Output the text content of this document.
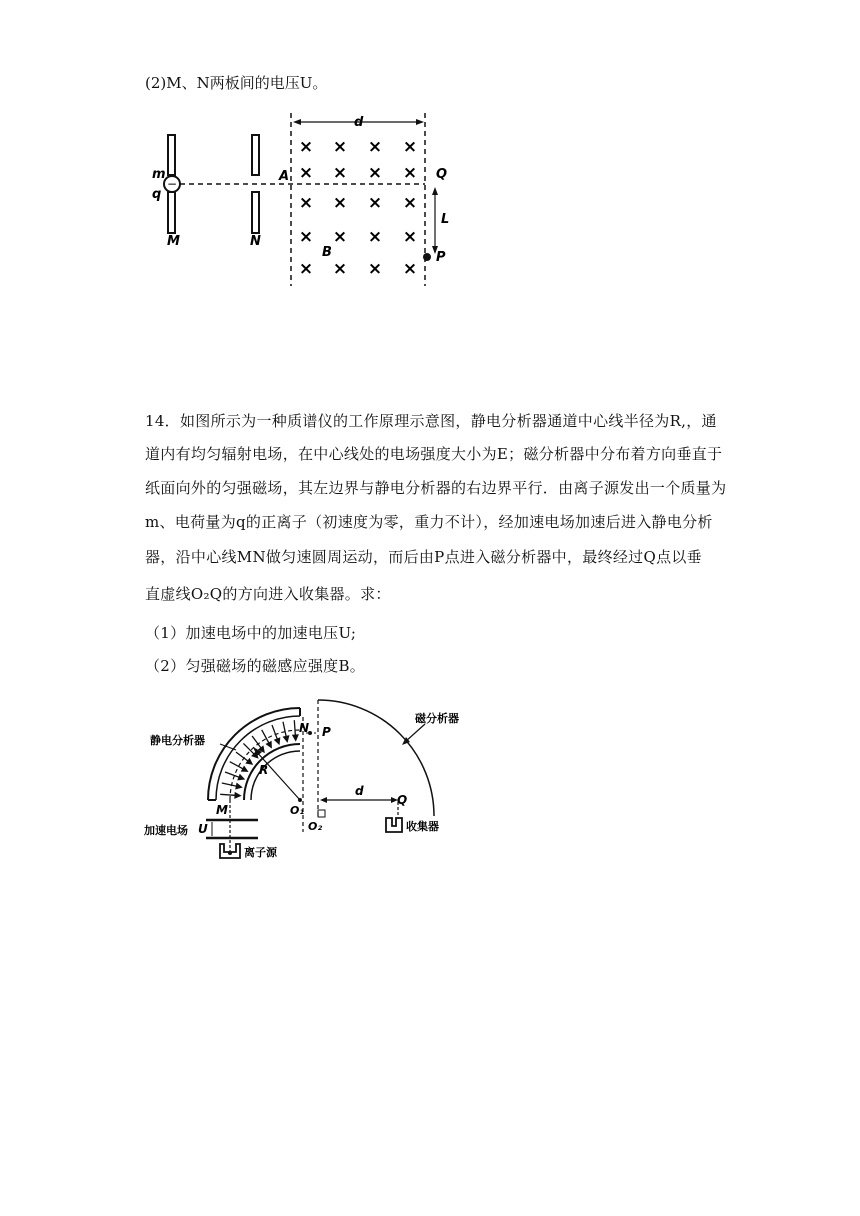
(2)M、N两板间的电压U。
−
× × × ×
× × × ×
× × × ×
× × × ×
× × × ×
m
q
M	N
A	Q
d
L
B	P
14．如图所示为一种质谱仪的工作原理示意图，静电分析器通道中心线半径为R,，通
道内有均匀辐射电场，在中心线处的电场强度大小为E；磁分析器中分布着方向垂直于
纸面向外的匀强磁场，其左边界与静电分析器的右边界平行．由离子源发出一个质量为
m、电荷量为q的正离子（初速度为零，重力不计），经加速电场加速后进入静电分析
器，沿中心线MN做匀速圆周运动，而后由P点进入磁分析器中，最终经过Q点以垂
直虚线O₂Q的方向进入收集器。求：
（1）加速电场中的加速电压U;
（2）匀强磁场的磁感应强度B。
静电分析器
磁分析器
加速电场
离子源
收集器
N P
R
O₁
O₂
M
d
Q
U
